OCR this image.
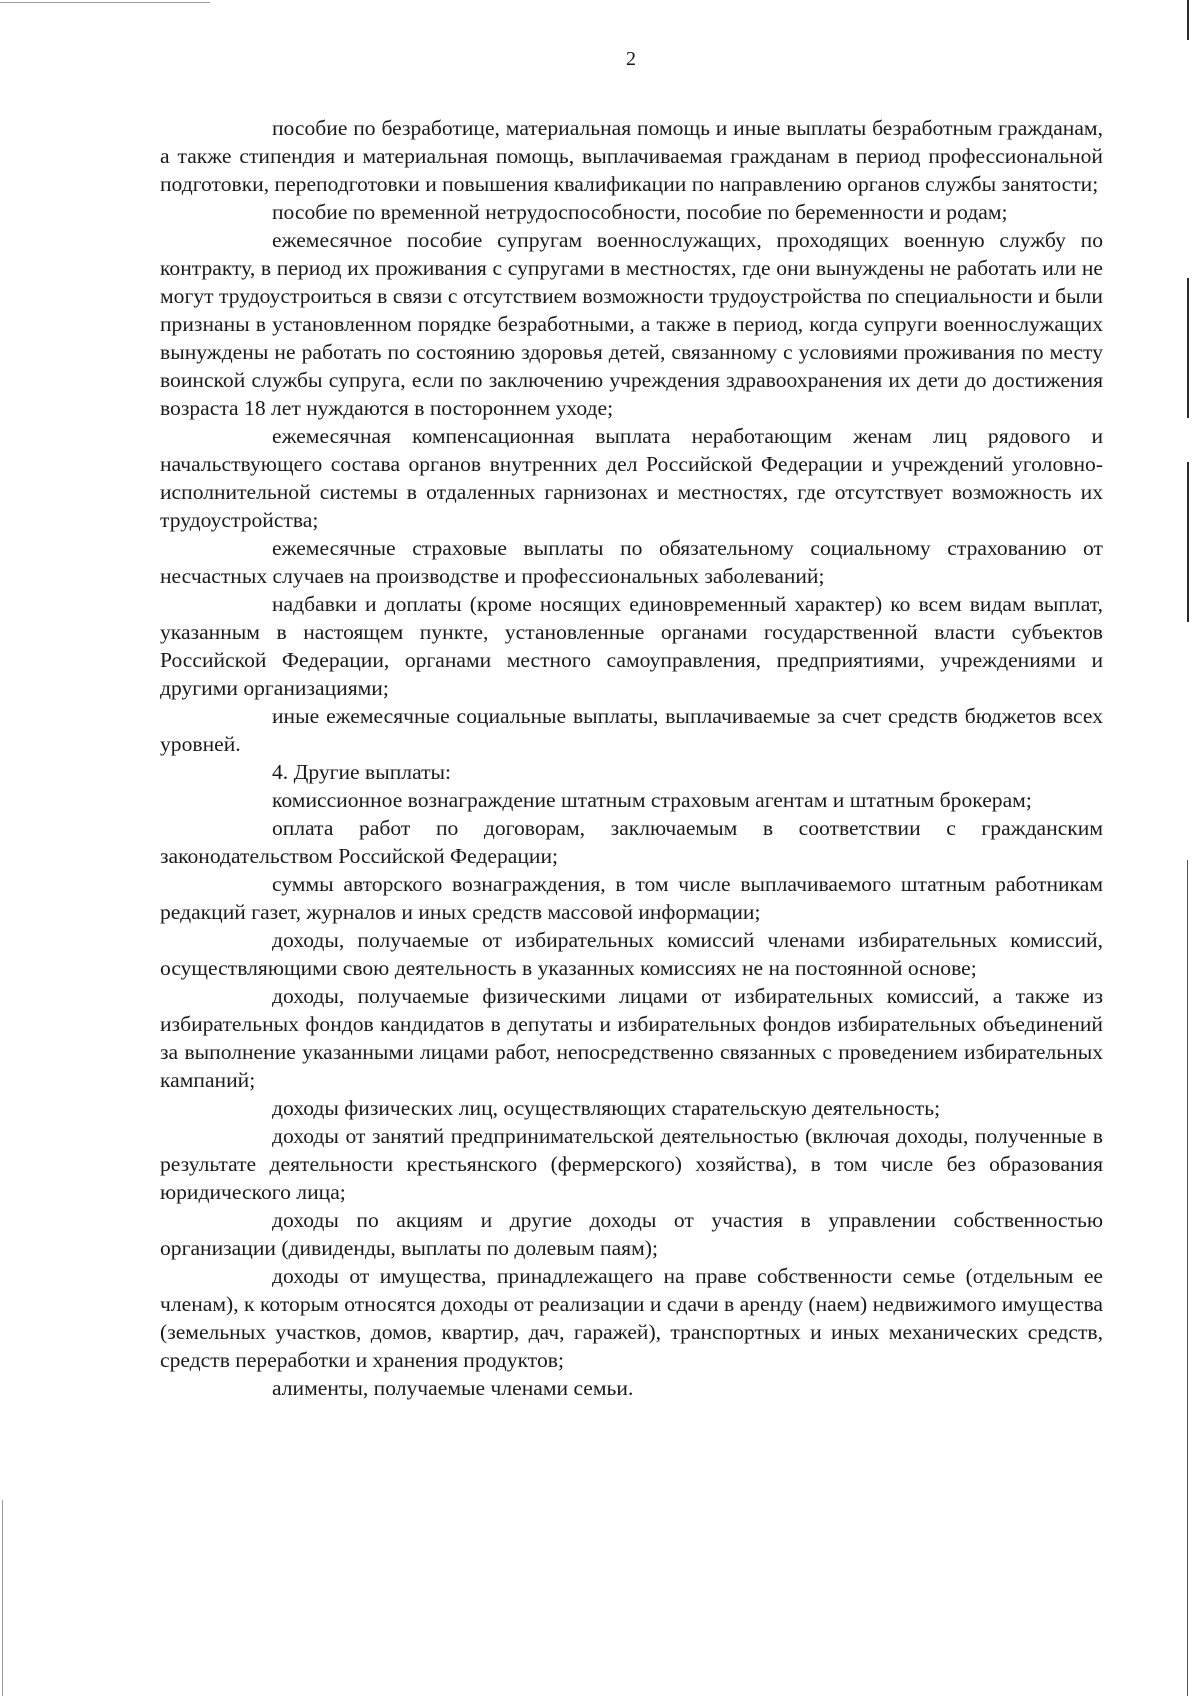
2

пособие по безработице, материальная помощь и иные выплаты безработным гражданам, а также стипендия и материальная помощь, выплачиваемая гражданам в период профессиональной подготовки, переподготовки и повышения квалификации по направлению органов службы занятости;

пособие по временной нетрудоспособности, пособие по беременности и родам;

ежемесячное пособие супругам военнослужащих, проходящих военную службу по контракту, в период их проживания с супругами в местностях, где они вынуждены не работать или не могут трудоустроиться в связи с отсутствием возможности трудоустройства по специальности и были признаны в установленном порядке безработными, а также в период, когда супруги военнослужащих вынуждены не работать по состоянию здоровья детей, связанному с условиями проживания по месту воинской службы супруга, если по заключению учреждения здравоохранения их дети до достижения возраста 18 лет нуждаются в постороннем уходе;

ежемесячная компенсационная выплата неработающим женам лиц рядового и начальствующего состава органов внутренних дел Российской Федерации и учреждений уголовно-исполнительной системы в отдаленных гарнизонах и местностях, где отсутствует возможность их трудоустройства;

ежемесячные страховые выплаты по обязательному социальному страхованию от несчастных случаев на производстве и профессиональных заболеваний;

надбавки и доплаты (кроме носящих единовременный характер) ко всем видам выплат, указанным в настоящем пункте, установленные органами государственной власти субъектов Российской Федерации, органами местного самоуправления, предприятиями, учреждениями и другими организациями;

иные ежемесячные социальные выплаты, выплачиваемые за счет средств бюджетов всех уровней.

4. Другие выплаты:

комиссионное вознаграждение штатным страховым агентам и штатным брокерам;

оплата работ по договорам, заключаемым в соответствии с гражданским законодательством Российской Федерации;

суммы авторского вознаграждения, в том числе выплачиваемого штатным работникам редакций газет, журналов и иных средств массовой информации;

доходы, получаемые от избирательных комиссий членами избирательных комиссий, осуществляющими свою деятельность в указанных комиссиях не на постоянной основе;

доходы, получаемые физическими лицами от избирательных комиссий, а также из избирательных фондов кандидатов в депутаты и избирательных фондов избирательных объединений за выполнение указанными лицами работ, непосредственно связанных с проведением избирательных кампаний;

доходы физических лиц, осуществляющих старательскую деятельность;

доходы от занятий предпринимательской деятельностью (включая доходы, полученные в результате деятельности крестьянского (фермерского) хозяйства), в том числе без образования юридического лица;

доходы по акциям и другие доходы от участия в управлении собственностью организации (дивиденды, выплаты по долевым паям);

доходы от имущества, принадлежащего на праве собственности семье (отдельным ее членам), к которым относятся доходы от реализации и сдачи в аренду (наем) недвижимого имущества (земельных участков, домов, квартир, дач, гаражей), транспортных и иных механических средств, средств переработки и хранения продуктов;

алименты, получаемые членами семьи.
